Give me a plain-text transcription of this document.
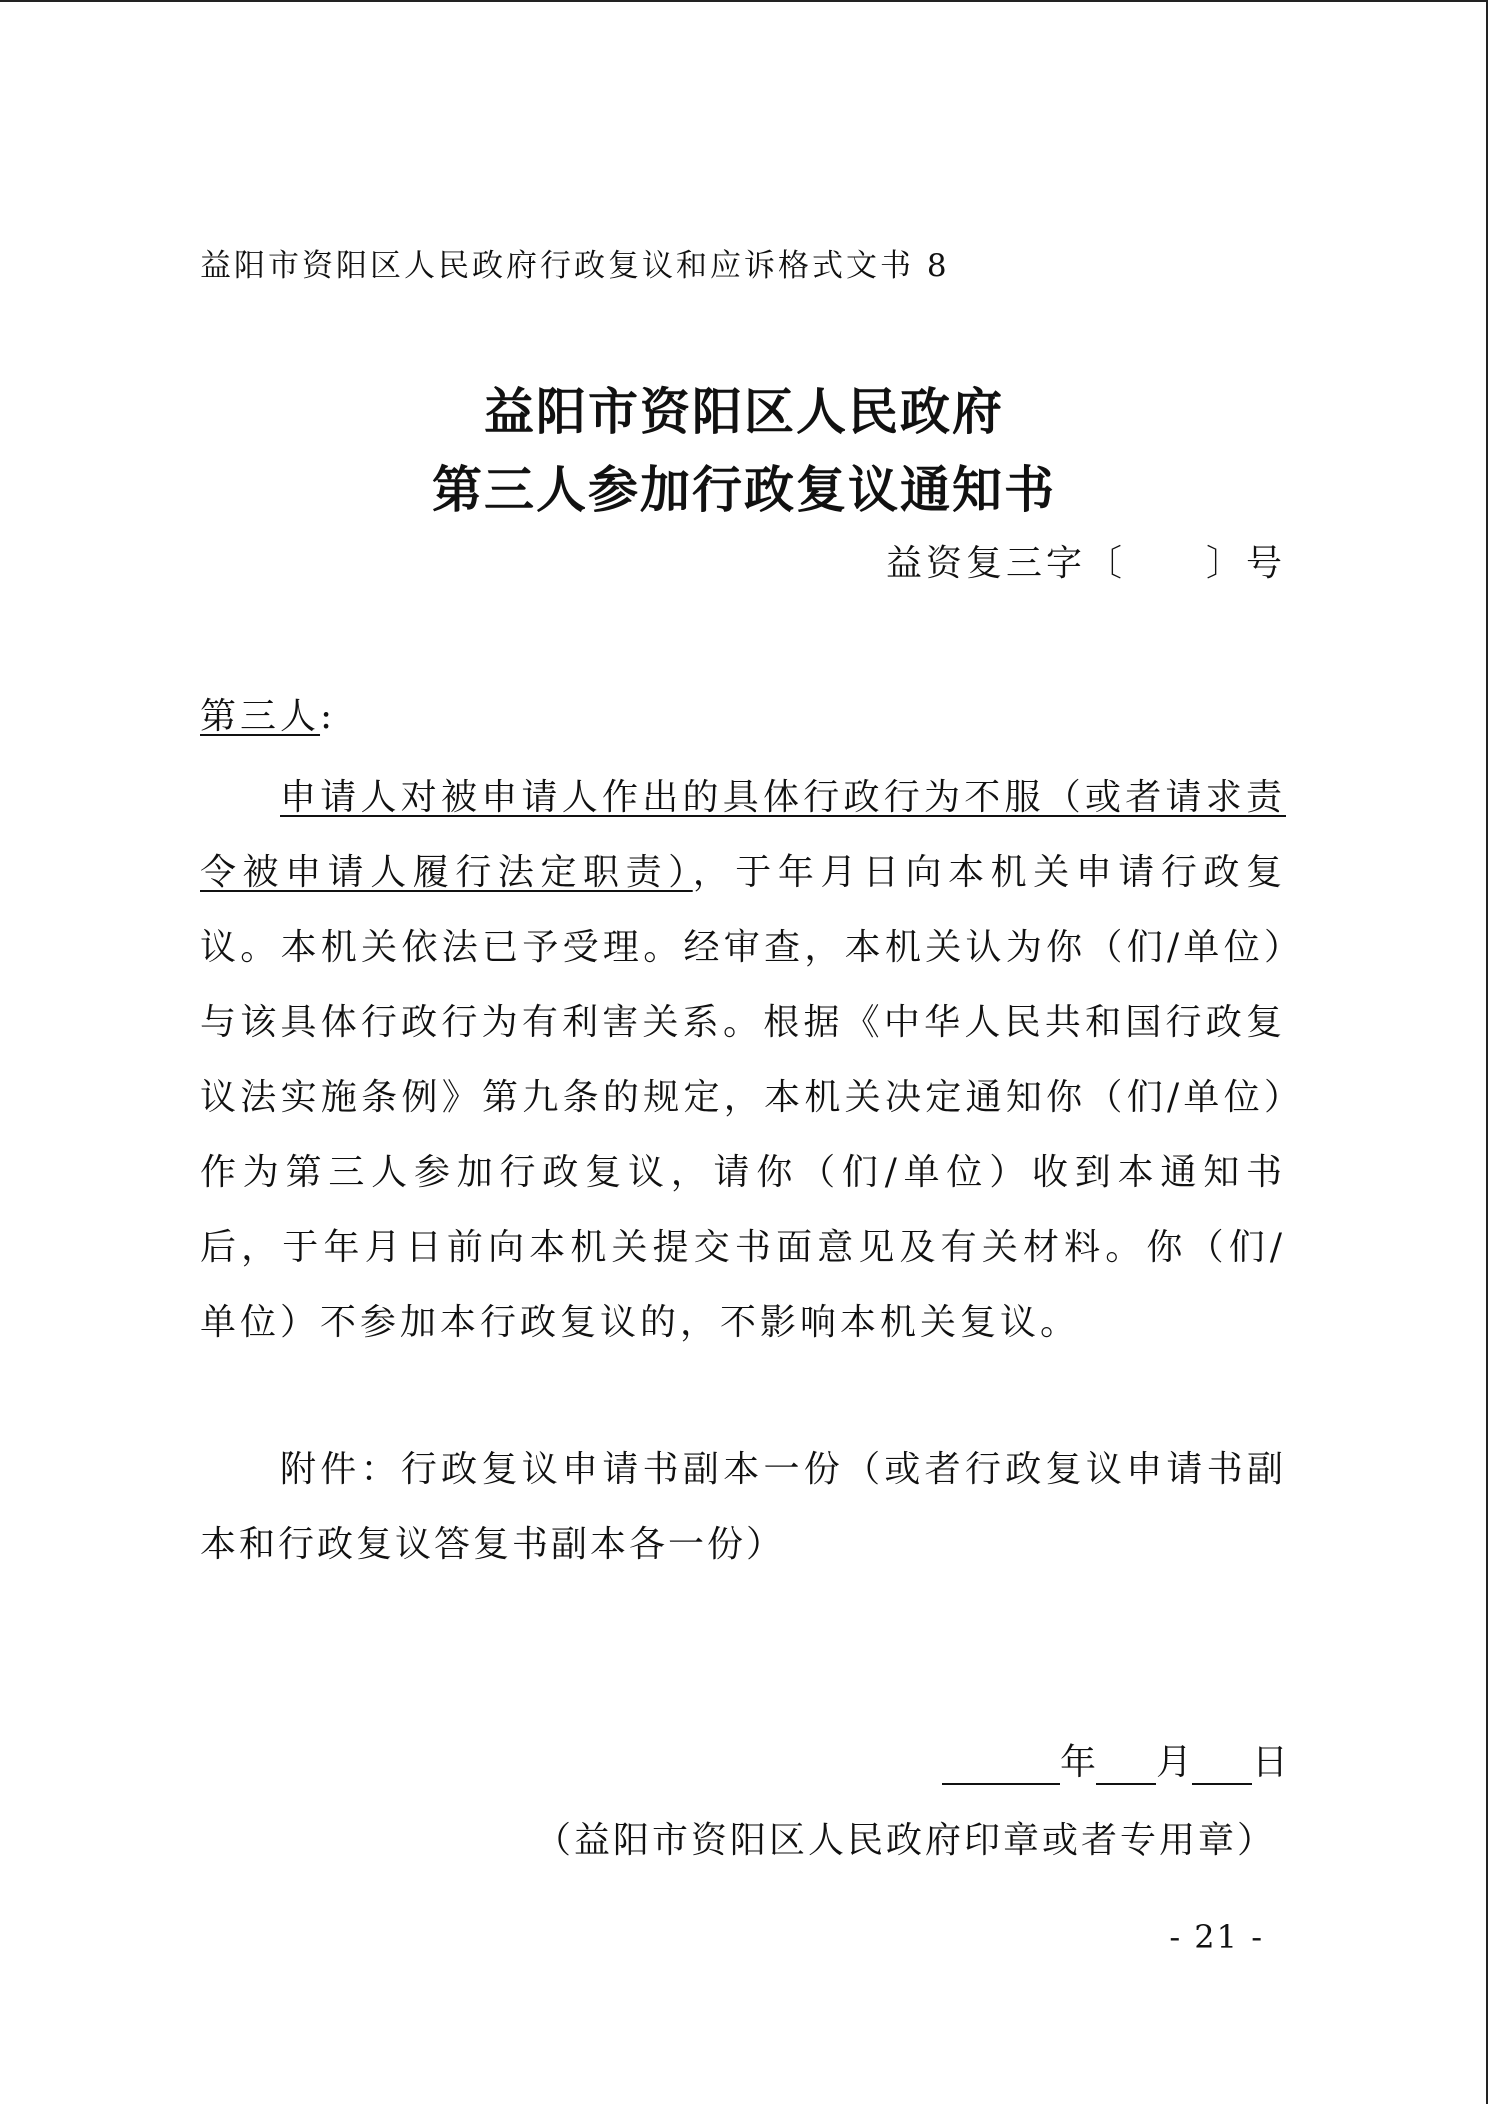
益阳市资阳区人民政府行政复议和应诉格式文书 8
益阳市资阳区人民政府
第三人参加行政复议通知书
益资复三字〔　　〕号
第三人:

申请人对被申请人作出的具体行政行为不服（或者请求责令被申请人履行法定职责），于年月日向本机关申请行政复议。本机关依法已予受理。经审查，本机关认为你（们/单位）与该具体行政行为有利害关系。根据《中华人民共和国行政复议法实施条例》第九条的规定，本机关决定通知你（们/单位）作为第三人参加行政复议，请你（们/单位）收到本通知书后，于年月日前向本机关提交书面意见及有关材料。你（们/单位）不参加本行政复议的，不影响本机关复议。

附件：行政复议申请书副本一份（或者行政复议申请书副本和行政复议答复书副本各一份）

年 月 日
（益阳市资阳区人民政府印章或者专用章）
- 21 -
